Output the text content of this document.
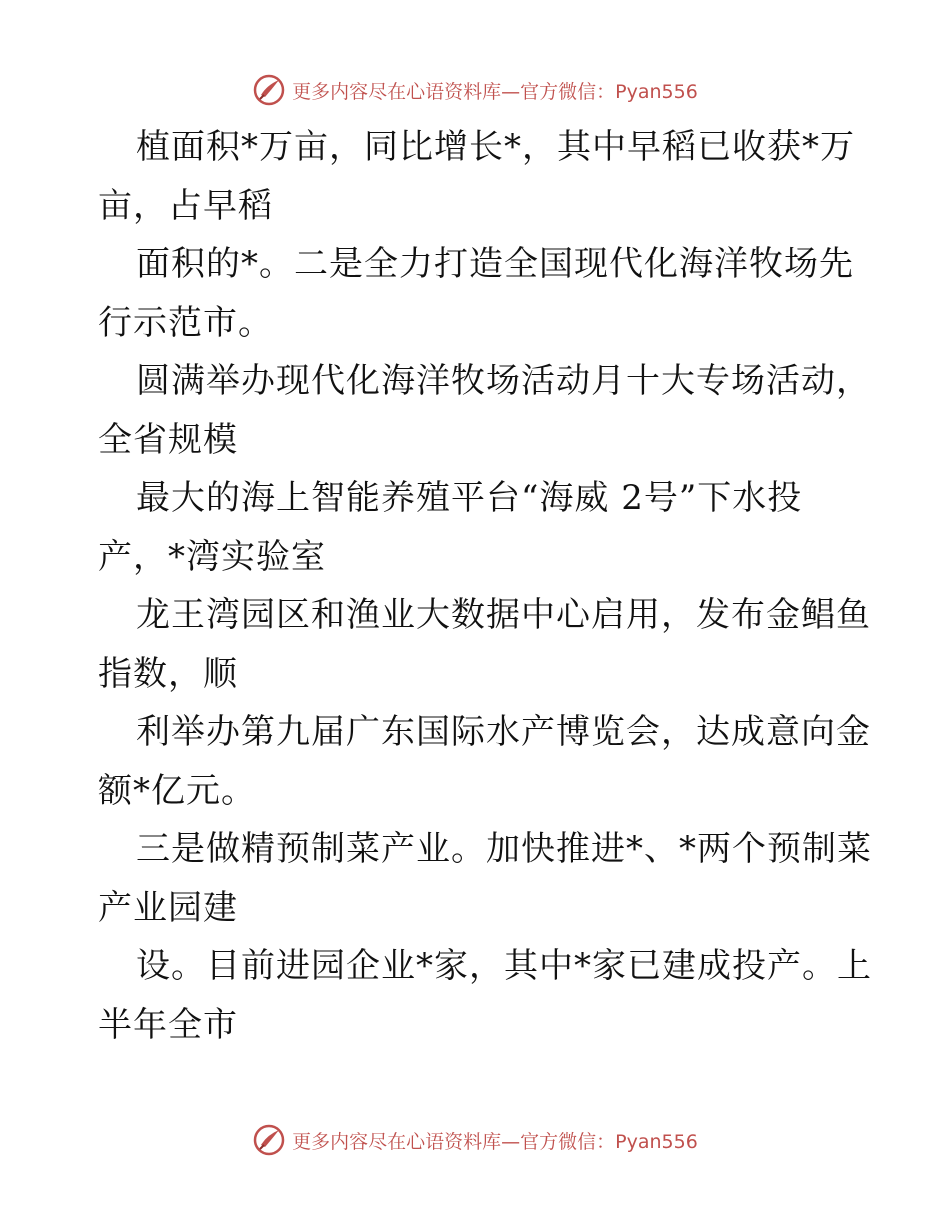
更多内容尽在心语资料库—官方微信：Pyan556
植面积*万亩，同比增长*，其中早稻已收获*万
亩，占早稻
面积的*。二是全力打造全国现代化海洋牧场先
行示范市。
圆满举办现代化海洋牧场活动月十大专场活动，
全省规模
最大的海上智能养殖平台“海威 2号”下水投
产，*湾实验室
龙王湾园区和渔业大数据中心启用，发布金鲳鱼
指数，顺
利举办第九届广东国际水产博览会，达成意向金
额*亿元。
三是做精预制菜产业。加快推进*、*两个预制菜
产业园建
设。目前进园企业*家，其中*家已建成投产。上
半年全市
更多内容尽在心语资料库—官方微信：Pyan556
